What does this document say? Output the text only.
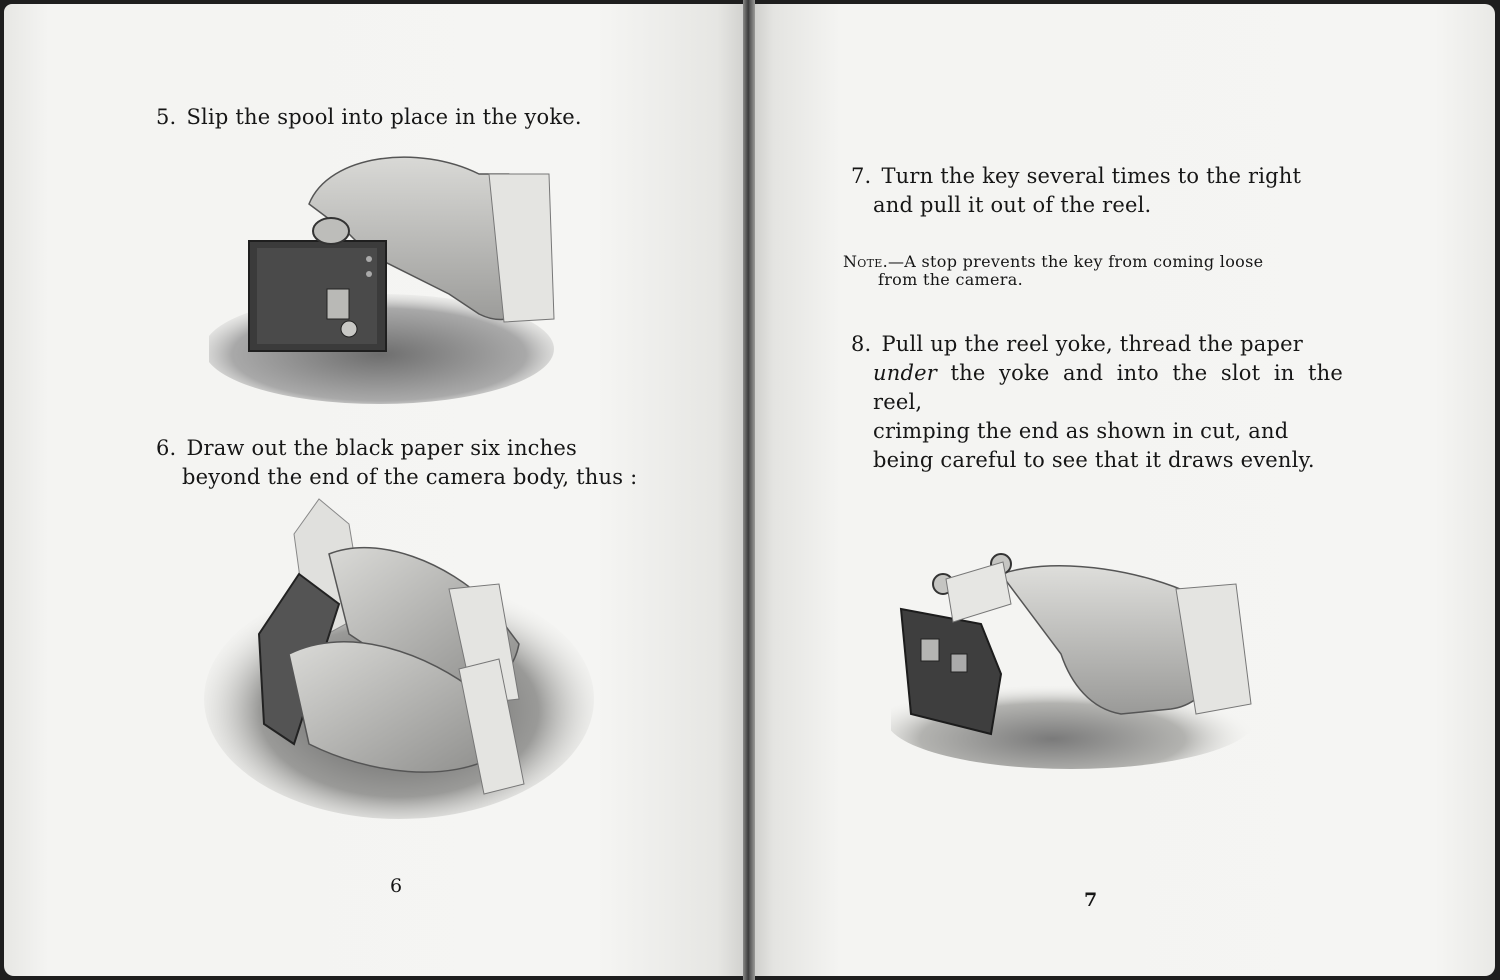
5. Slip the spool into place in the yoke.
6. Draw out the black paper six inches
beyond the end of the camera body, thus :
6
7. Turn the key several times to the right
and pull it out of the reel.
Note.—A stop prevents the key from coming loose
from the camera.
8. Pull up the reel yoke, thread the paper
under the yoke and into the slot in the reel,
crimping the end as shown in cut, and
being careful to see that it draws evenly.
7
